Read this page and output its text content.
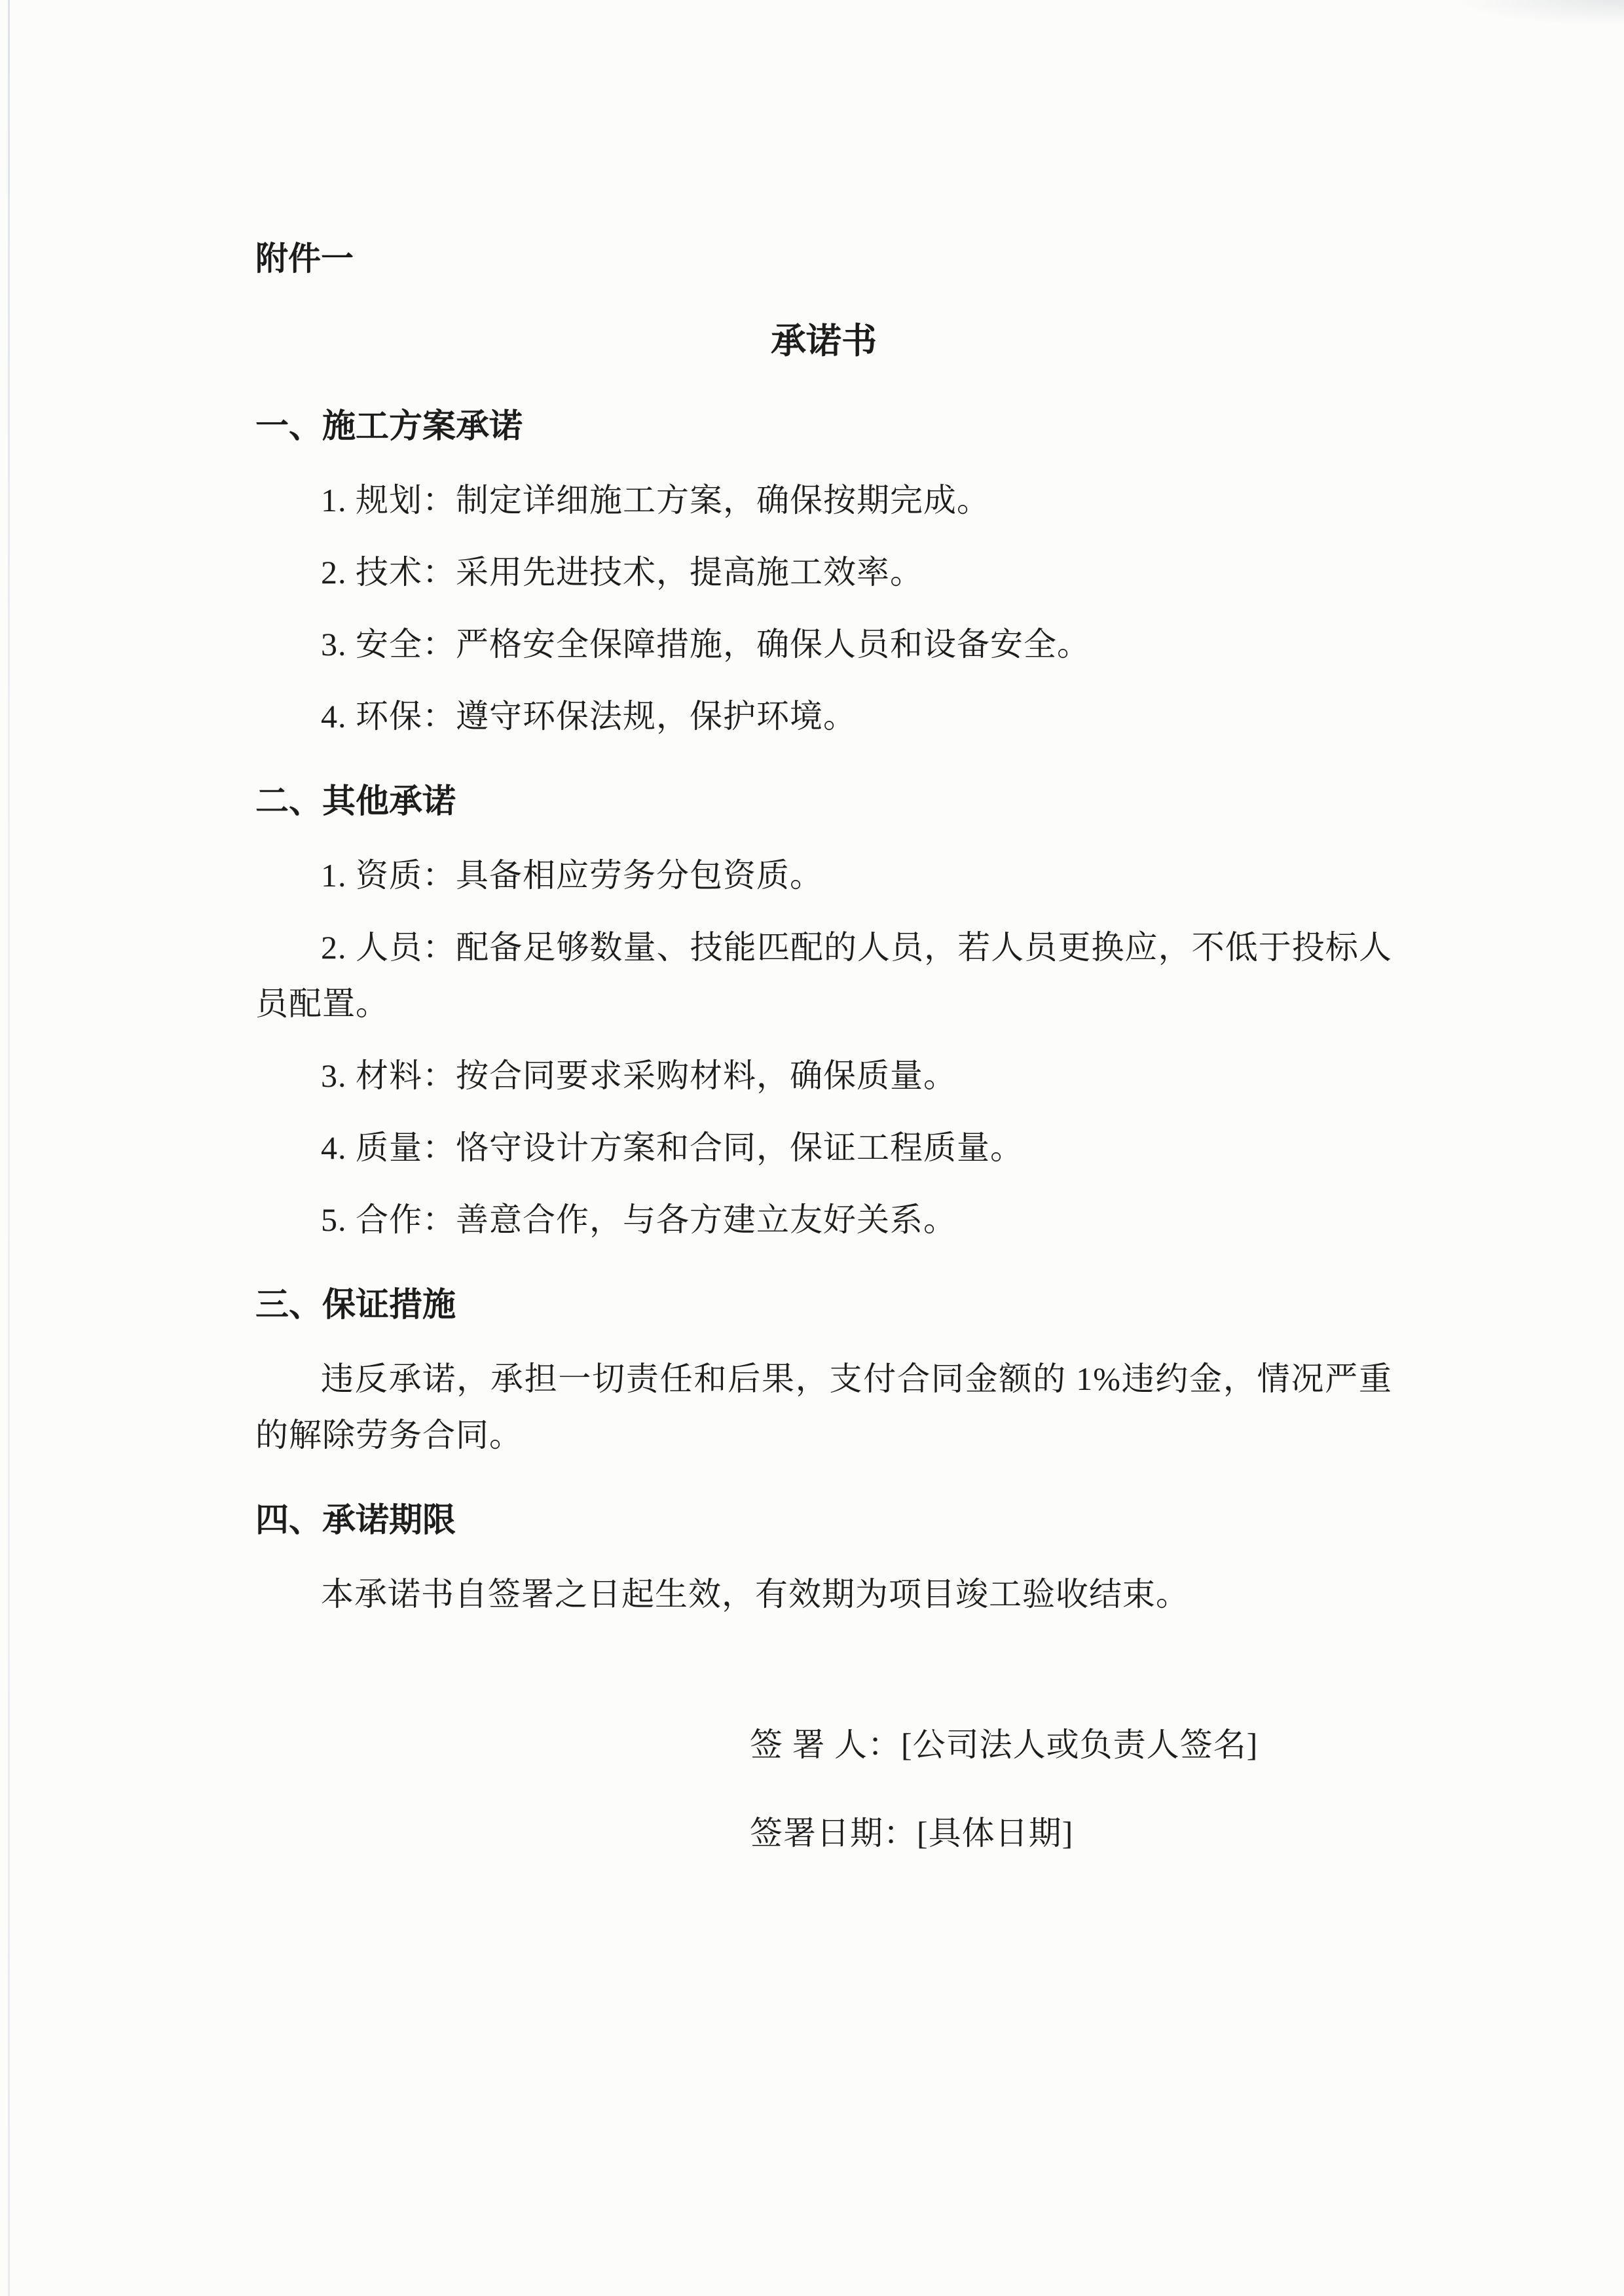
附件一

承诺书
一、施工方案承诺

1. 规划：制定详细施工方案，确保按期完成。

2. 技术：采用先进技术，提高施工效率。

3. 安全：严格安全保障措施，确保人员和设备安全。

4. 环保：遵守环保法规，保护环境。

二、其他承诺

1. 资质：具备相应劳务分包资质。

2. 人员：配备足够数量、技能匹配的人员，若人员更换应，不低于投标人员配置。

3. 材料：按合同要求采购材料，确保质量。

4. 质量：恪守设计方案和合同，保证工程质量。

5. 合作：善意合作，与各方建立友好关系。

三、保证措施

违反承诺，承担一切责任和后果，支付合同金额的 1%违约金，情况严重的解除劳务合同。

四、承诺期限

本承诺书自签署之日起生效，有效期为项目竣工验收结束。

签 署 人：[公司法人或负责人签名]

签署日期：[具体日期]
